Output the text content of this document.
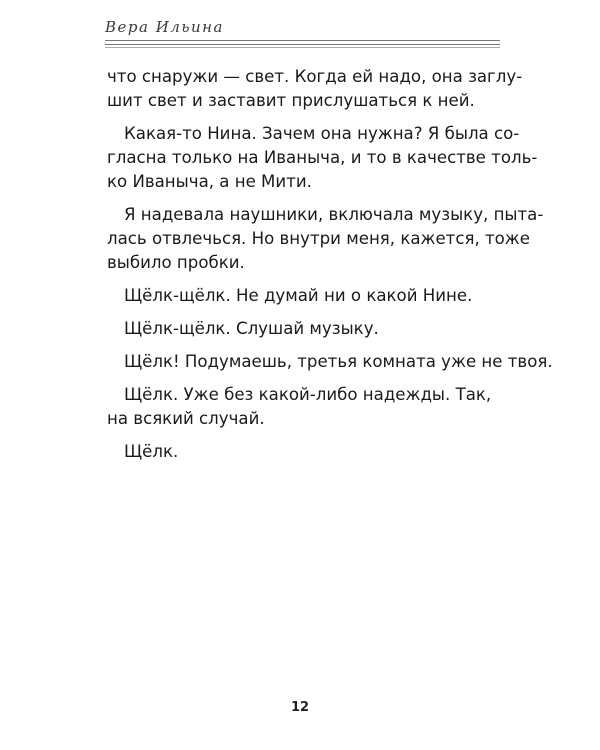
Вера Ильина

что снаружи — свет. Когда ей надо, она заглу-
шит свет и заставит прислушаться к ней.

Какая-то Нина. Зачем она нужна? Я была со-
гласна только на Иваныча, и то в качестве толь-
ко Иваныча, а не Мити.

Я надевала наушники, включала музыку, пыта-
лась отвлечься. Но внутри меня, кажется, тоже
выбило пробки.

Щёлк-щёлк. Не думай ни о какой Нине.

Щёлк-щёлк. Слушай музыку.

Щёлк! Подумаешь, третья комната уже не твоя.

Щёлк. Уже без какой-либо надежды. Так,
на всякий случай.

Щёлк.

12
